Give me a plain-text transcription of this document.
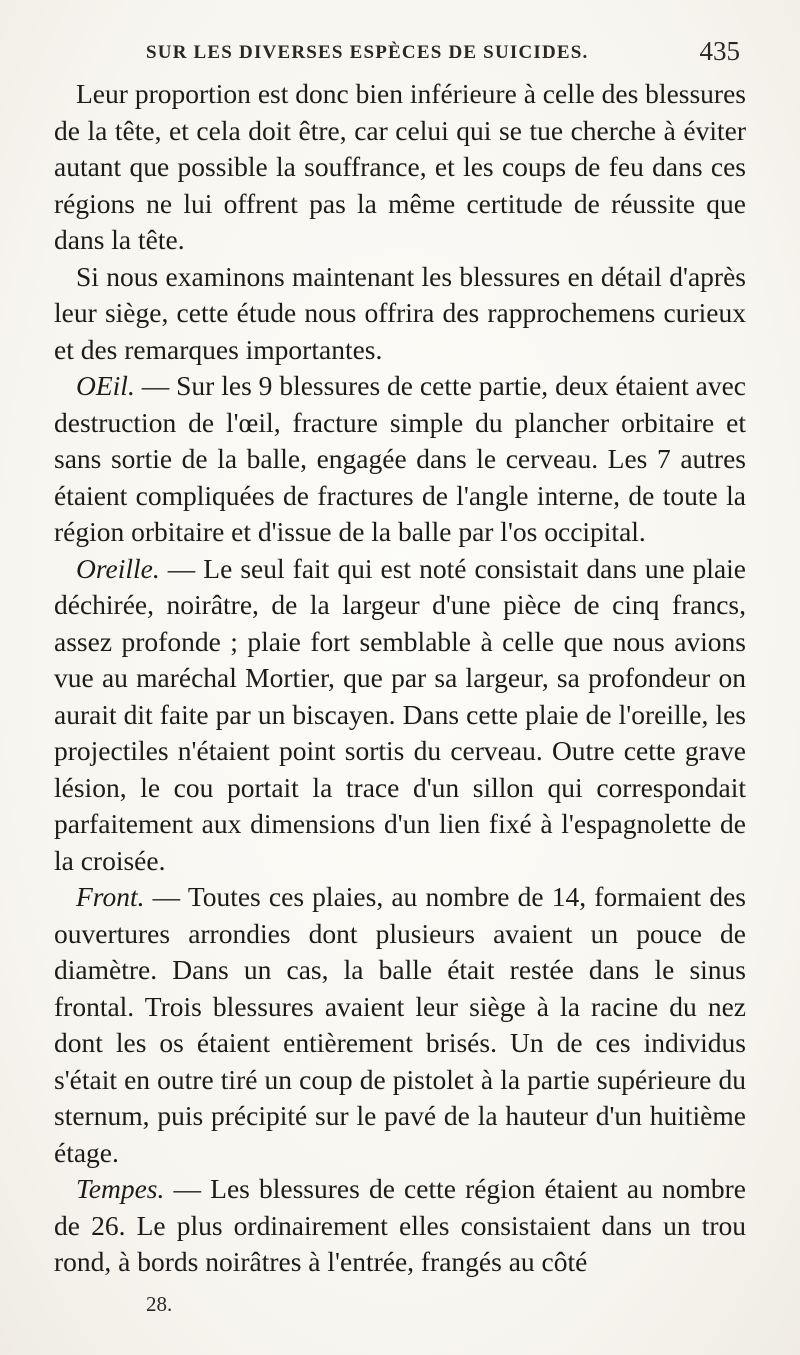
SUR LES DIVERSES ESPÈCES DE SUICIDES.	435

Leur proportion est donc bien inférieure à celle des blessures de la tête, et cela doit être, car celui qui se tue cherche à éviter autant que possible la souffrance, et les coups de feu dans ces régions ne lui offrent pas la même certitude de réussite que dans la tête.

Si nous examinons maintenant les blessures en détail d'après leur siège, cette étude nous offrira des rapprochemens curieux et des remarques importantes.

OEil. — Sur les 9 blessures de cette partie, deux étaient avec destruction de l'œil, fracture simple du plancher orbitaire et sans sortie de la balle, engagée dans le cerveau. Les 7 autres étaient compliquées de fractures de l'angle interne, de toute la région orbitaire et d'issue de la balle par l'os occipital.

Oreille. — Le seul fait qui est noté consistait dans une plaie déchirée, noirâtre, de la largeur d'une pièce de cinq francs, assez profonde ; plaie fort semblable à celle que nous avions vue au maréchal Mortier, que par sa largeur, sa profondeur on aurait dit faite par un biscayen. Dans cette plaie de l'oreille, les projectiles n'étaient point sortis du cerveau. Outre cette grave lésion, le cou portait la trace d'un sillon qui correspondait parfaitement aux dimensions d'un lien fixé à l'espagnolette de la croisée.

Front. — Toutes ces plaies, au nombre de 14, formaient des ouvertures arrondies dont plusieurs avaient un pouce de diamètre. Dans un cas, la balle était restée dans le sinus frontal. Trois blessures avaient leur siège à la racine du nez dont les os étaient entièrement brisés. Un de ces individus s'était en outre tiré un coup de pistolet à la partie supérieure du sternum, puis précipité sur le pavé de la hauteur d'un huitième étage.

Tempes. — Les blessures de cette région étaient au nombre de 26. Le plus ordinairement elles consistaient dans un trou rond, à bords noirâtres à l'entrée, frangés au côté

28.
